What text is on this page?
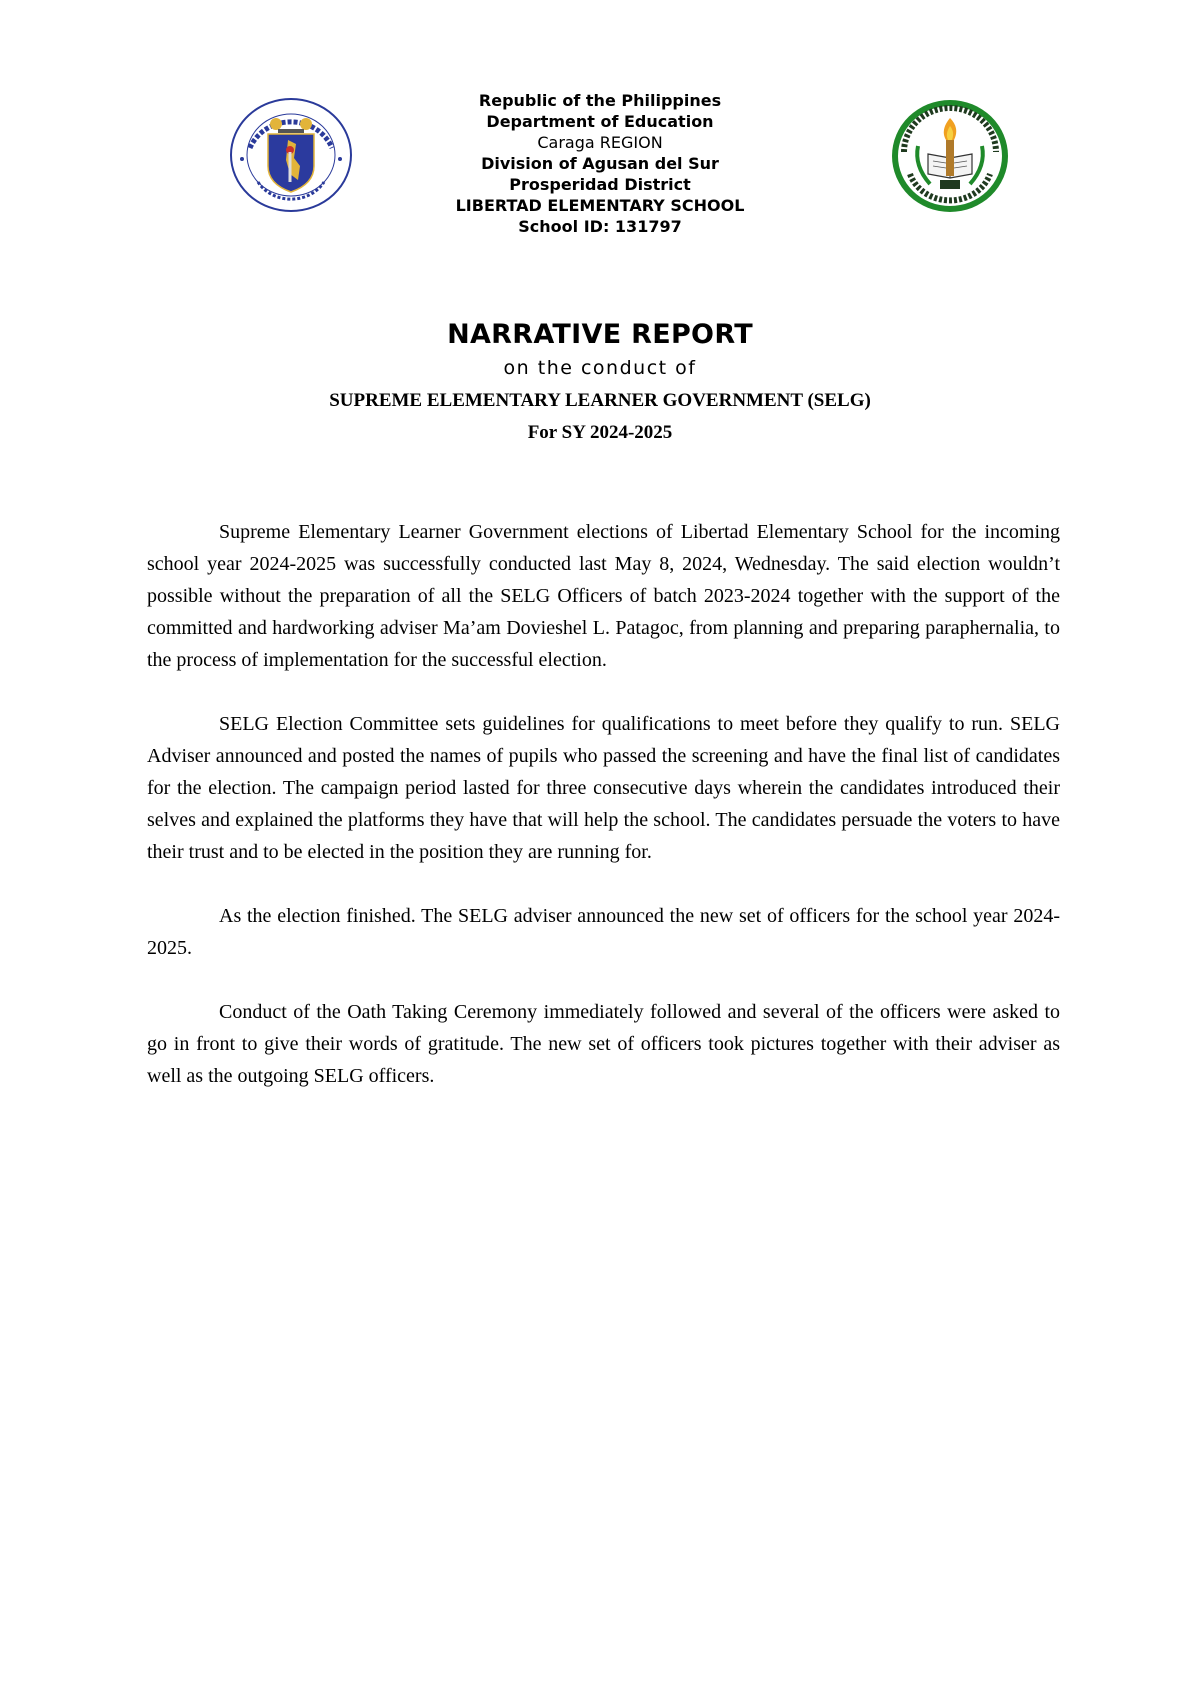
Republic of the Philippines
Department of Education
Caraga REGION
Division of Agusan del Sur
Prosperidad District
LIBERTAD ELEMENTARY SCHOOL
School ID: 131797
NARRATIVE REPORT
on the conduct of
SUPREME ELEMENTARY LEARNER GOVERNMENT (SELG)
For SY 2024-2025

Supreme Elementary Learner Government elections of Libertad Elementary School for the incoming school year 2024-2025 was successfully conducted last May 8, 2024, Wednesday. The said election wouldn’t possible without the preparation of all the SELG Officers of batch 2023-2024 together with the support of the committed and hardworking adviser Ma’am Dovieshel L. Patagoc, from planning and preparing paraphernalia, to the process of implementation for the successful election.

SELG Election Committee sets guidelines for qualifications to meet before they qualify to run. SELG Adviser announced and posted the names of pupils who passed the screening and have the final list of candidates for the election. The campaign period lasted for three consecutive days wherein the candidates introduced their selves and explained the platforms they have that will help the school. The candidates persuade the voters to have their trust and to be elected in the position they are running for.

As the election finished. The SELG adviser announced the new set of officers for the school year 2024-2025.

Conduct of the Oath Taking Ceremony immediately followed and several of the officers were asked to go in front to give their words of gratitude. The new set of officers took pictures together with their adviser as well as the outgoing SELG officers.
